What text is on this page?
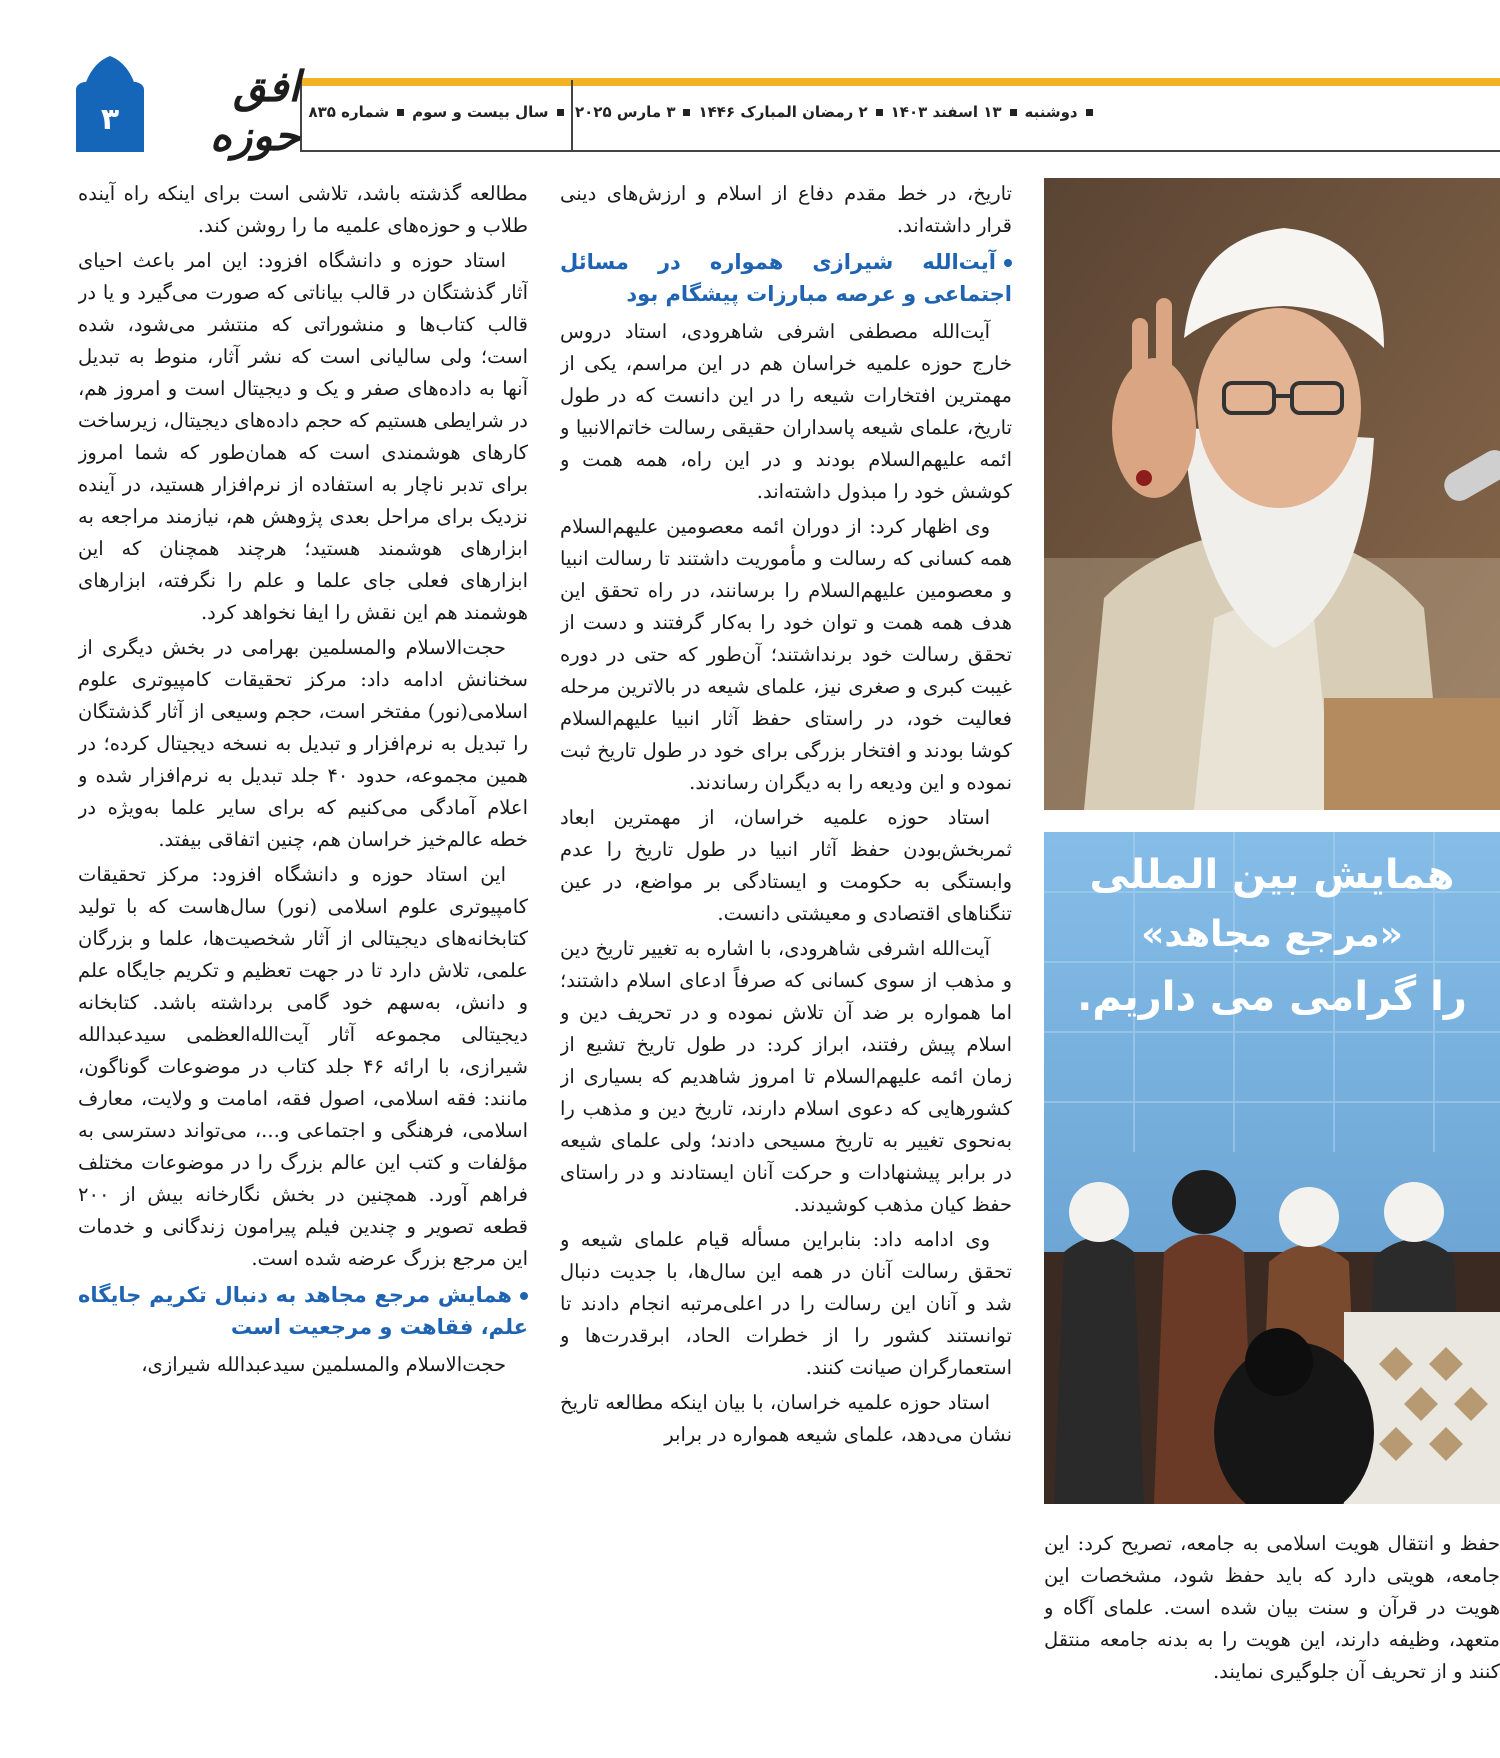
دوشنبه
۱۳ اسفند ۱۴۰۳
۲ رمضان المبارک ۱۴۴۶
۳ مارس ۲۰۲۵
سال بیست و سوم
شماره ۸۳۵
افق حوزه
۳

مطالعه گذشته باشد، تلاشی است برای اینکه راه آینده طلاب و حوزه‌های علمیه ما را روشن کند.

استاد حوزه و دانشگاه افزود: این امر باعث احیای آثار گذشتگان در قالب بیاناتی که صورت می‌گیرد و یا در قالب کتاب‌ها و منشوراتی که منتشر می‌شود، شده است؛ ولی سالیانی است که نشر آثار، منوط به تبدیل آنها به داده‌های صفر و یک و دیجیتال است و امروز هم، در شرایطی هستیم که حجم داده‌های دیجیتال، زیرساخت کارهای هوشمندی است که همان‌طور که شما امروز برای تدبر ناچار به استفاده از نرم‌افزار هستید، در آینده نزدیک برای مراحل بعدی پژوهش هم، نیازمند مراجعه به ابزارهای هوشمند هستید؛ هرچند همچنان که این ابزارهای فعلی جای علما و علم را نگرفته، ابزارهای هوشمند هم این نقش را ایفا نخواهد کرد.

حجت‌الاسلام والمسلمین بهرامی در بخش دیگری از سخنانش ادامه داد: مرکز تحقیقات کامپیوتری علوم اسلامی(نور) مفتخر است، حجم وسیعی از آثار گذشتگان را تبدیل به نرم‌افزار و تبدیل به نسخه دیجیتال کرده؛ در همین مجموعه، حدود ۴۰ جلد تبدیل به نرم‌افزار شده و اعلام آمادگی می‌کنیم که برای سایر علما به‌ویژه در خطه عالم‌خیز خراسان هم، چنین اتفاقی بیفتد.

این استاد حوزه و دانشگاه افزود: مرکز تحقیقات کامپیوتری علوم اسلامی (نور) سال‌هاست که با تولید کتابخانه‌های دیجیتالی از آثار شخصیت‌ها، علما و بزرگان علمی، تلاش دارد تا در جهت تعظیم و تکریم جایگاه علم و دانش، به‌سهم خود گامی برداشته باشد. کتابخانه دیجیتالی مجموعه آثار آیت‌الله‌العظمی سیدعبدالله شیرازی، با ارائه ۴۶ جلد کتاب در موضوعات گوناگون، مانند: فقه اسلامی، اصول فقه، امامت و ولایت، معارف اسلامی، فرهنگی و اجتماعی و...، می‌تواند دسترسی به مؤلفات و کتب این عالم بزرگ را در موضوعات مختلف فراهم آورد. همچنین در بخش نگارخانه بیش از ۲۰۰ قطعه تصویر و چندین فیلم پیرامون زندگانی و خدمات این مرجع بزرگ عرضه شده است.

همایش مرجع مجاهد به دنبال تکریم جایگاه علم، فقاهت و مرجعیت است

حجت‌الاسلام والمسلمین سیدعبدالله شیرازی،

تاریخ، در خط مقدم دفاع از اسلام و ارزش‌های دینی قرار داشته‌اند.

آیت‌الله شیرازی همواره در مسائل اجتماعی و عرصه مبارزات پیشگام بود

آیت‌الله مصطفی اشرفی شاهرودی، استاد دروس خارج حوزه علمیه خراسان هم در این مراسم، یکی از مهمترین افتخارات شیعه را در این دانست که در طول تاریخ، علمای شیعه پاسداران حقیقی رسالت خاتم‌الانبیا و ائمه علیهم‌السلام بودند و در این راه، همه همت و کوشش خود را مبذول داشته‌اند.

وی اظهار کرد: از دوران ائمه معصومین علیهم‌السلام همه کسانی که رسالت و مأموریت داشتند تا رسالت انبیا و معصومین علیهم‌السلام را برسانند، در راه تحقق این هدف همه همت و توان خود را به‌کار گرفتند و دست از تحقق رسالت خود برنداشتند؛ آن‌طور که حتی در دوره غیبت کبری و صغری نیز، علمای شیعه در بالاترین مرحله فعالیت خود، در راستای حفظ آثار انبیا علیهم‌السلام کوشا بودند و افتخار بزرگی برای خود در طول تاریخ ثبت نموده و این ودیعه را به دیگران رساندند.

استاد حوزه علمیه خراسان، از مهمترین ابعاد ثمربخش‌بودن حفظ آثار انبیا در طول تاریخ را عدم وابستگی به حکومت و ایستادگی بر مواضع، در عین تنگناهای اقتصادی و معیشتی دانست.

آیت‌الله اشرفی شاهرودی، با اشاره به تغییر تاریخ دین و مذهب از سوی کسانی که صرفاً ادعای اسلام داشتند؛ اما همواره بر ضد آن تلاش نموده و در تحریف دین و اسلام پیش رفتند، ابراز کرد: در طول تاریخ تشیع از زمان ائمه علیهم‌السلام تا امروز شاهدیم که بسیاری از کشورهایی که دعوی اسلام دارند، تاریخ دین و مذهب را به‌نحوی تغییر به تاریخ مسیحی دادند؛ ولی علمای شیعه در برابر پیشنهادات و حرکت آنان ایستادند و در راستای حفظ کیان مذهب کوشیدند.

وی ادامه داد: بنابراین مسأله قیام علمای شیعه و تحقق رسالت آنان در همه این سال‌ها، با جدیت دنبال شد و آنان این رسالت را در اعلی‌مرتبه انجام دادند تا توانستند کشور را از خطرات الحاد، ابرقدرت‌ها و استعمارگران صیانت کنند.

استاد حوزه علمیه خراسان، با بیان اینکه مطالعه تاریخ نشان می‌دهد، علمای شیعه همواره در برابر

همایش بین المللی
«مرجع مجاهد»
را گرامی می داریم.

حفظ و انتقال هویت اسلامی به جامعه، تصریح کرد: این جامعه، هویتی دارد که باید حفظ شود، مشخصات این هویت در قرآن و سنت بیان شده است. علمای آگاه و متعهد، وظیفه دارند، این هویت را به بدنه جامعه منتقل کنند و از تحریف آن جلوگیری نمایند.
